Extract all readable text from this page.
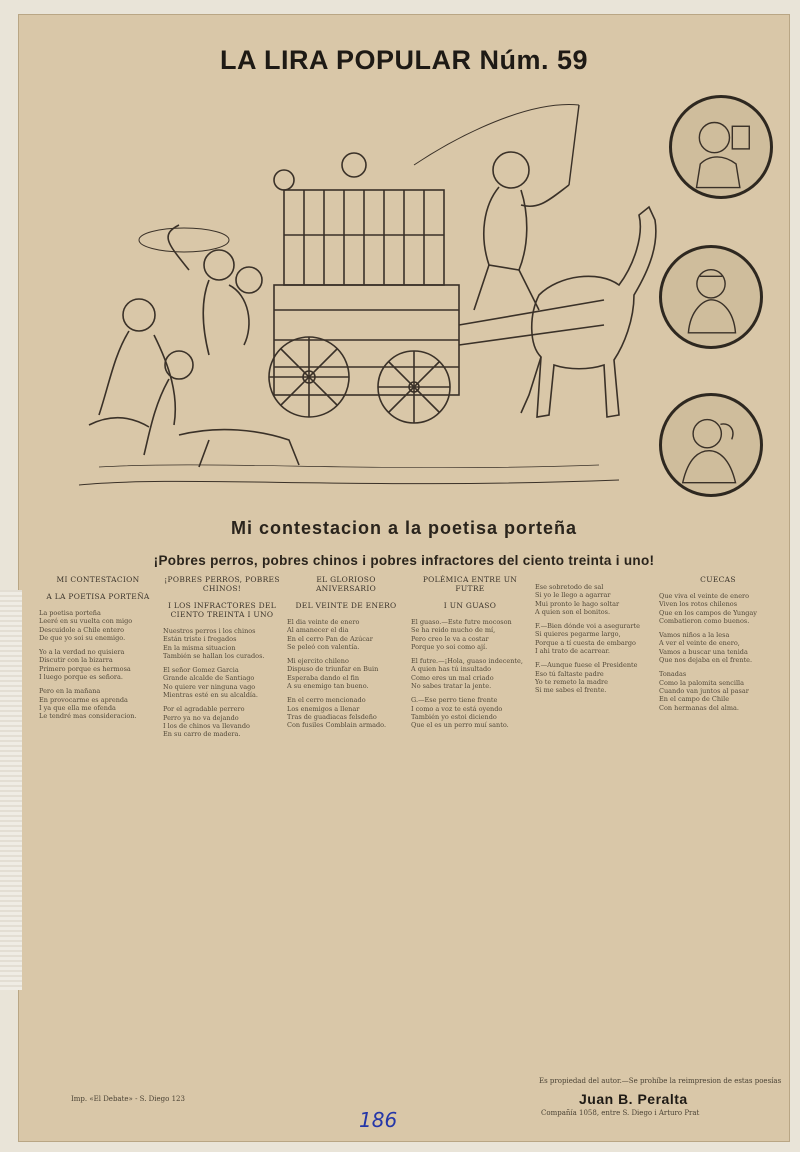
LA LIRA POPULAR Núm. 59
Mi contestacion a la poetisa porteña
¡Pobres perros, pobres chinos i pobres infractores del ciento treinta i uno!
MI CONTESTACION
A LA POETISA PORTEÑA
La poetisa porteña
Leeré en su vuelta con migo
Descuidole a Chile entero
De que yo soi su enemigo.
Yo a la verdad no quisiera
Discutir con la bizarra
Primero porque es hermosa
I luego porque es señora.
Pero en la mañana
En provocarme es aprenda
I ya que ella me ofenda
Le tendré mas consideracion.
¡POBRES PERROS, POBRES CHINOS!
I LOS INFRACTORES DEL CIENTO TREINTA I UNO
Nuestros perros i los chinos
Están triste i fregados
En la misma situacion
También se hallan los curados.
El señor Gomez Garcia
Grande alcalde de Santiago
No quiere ver ninguna vago
Mientras esté en su alcaldía.
Por el agradable perrero
Perro ya no va dejando
I los de chinos va llevando
En su carro de madera.
EL GLORIOSO ANIVERSARIO
DEL VEINTE DE ENERO
El dia veinte de enero
Al amanecer el dia
En el cerro Pan de Azúcar
Se peleó con valentía.
Mi ejercito chileno
Dispuso de triunfar en Buin
Esperaba dando el fin
A su enemigo tan bueno.
En el cerro mencionado
Los enemigos a llenar
Tras de guadiacas felsdeño
Con fusiles Comblain armado.
POLÉMICA ENTRE UN FUTRE
I UN GUASO
El guaso.—Este futre mocoson
Se ha reido mucho de mí,
Pero creo le va a costar
Porque yo soi como ají.
El futre.—¡Hola, guaso indecente,
A quien has tú insultado
Como eres un mal criado
No sabes tratar la jente.
G.—Ese perro tiene frente
I como a voz te está oyendo
También yo estoi diciendo
Que el es un perro muí santo.
Ese sobretodo de sal
Si yo le llego a agarrar
Mui pronto le hago soltar
A quien son el bonitos.
F.—Bien dónde voi a asegurarte
Si quieres pegarme largo,
Porque a tí cuesta de embargo
I ahi trato de acarrear.
F.—Aunque fuese el Presidente
Eso tú faltaste padre
Yo te remeto la madre
Si me sabes el frente.
CUECAS
Que viva el veinte de enero
Viven los rotos chilenos
Que en los campos de Yungay
Combatieron como buenos.
Vamos niños a la lesa
A ver el veinte de enero,
Vamos a buscar una tenida
Que nos dejaba en el frente.
Tonadas
Como la palomita sencilla
Cuando van juntos al pasar
En el campo de Chile
Con hermanas del alma.
Imp. «El Debate» - S. Diego 123
Es propiedad del autor.—Se prohíbe la reimpresion de estas poesías
Juan B. Peralta
Compañía 1058, entre S. Diego i Arturo Prat
186
